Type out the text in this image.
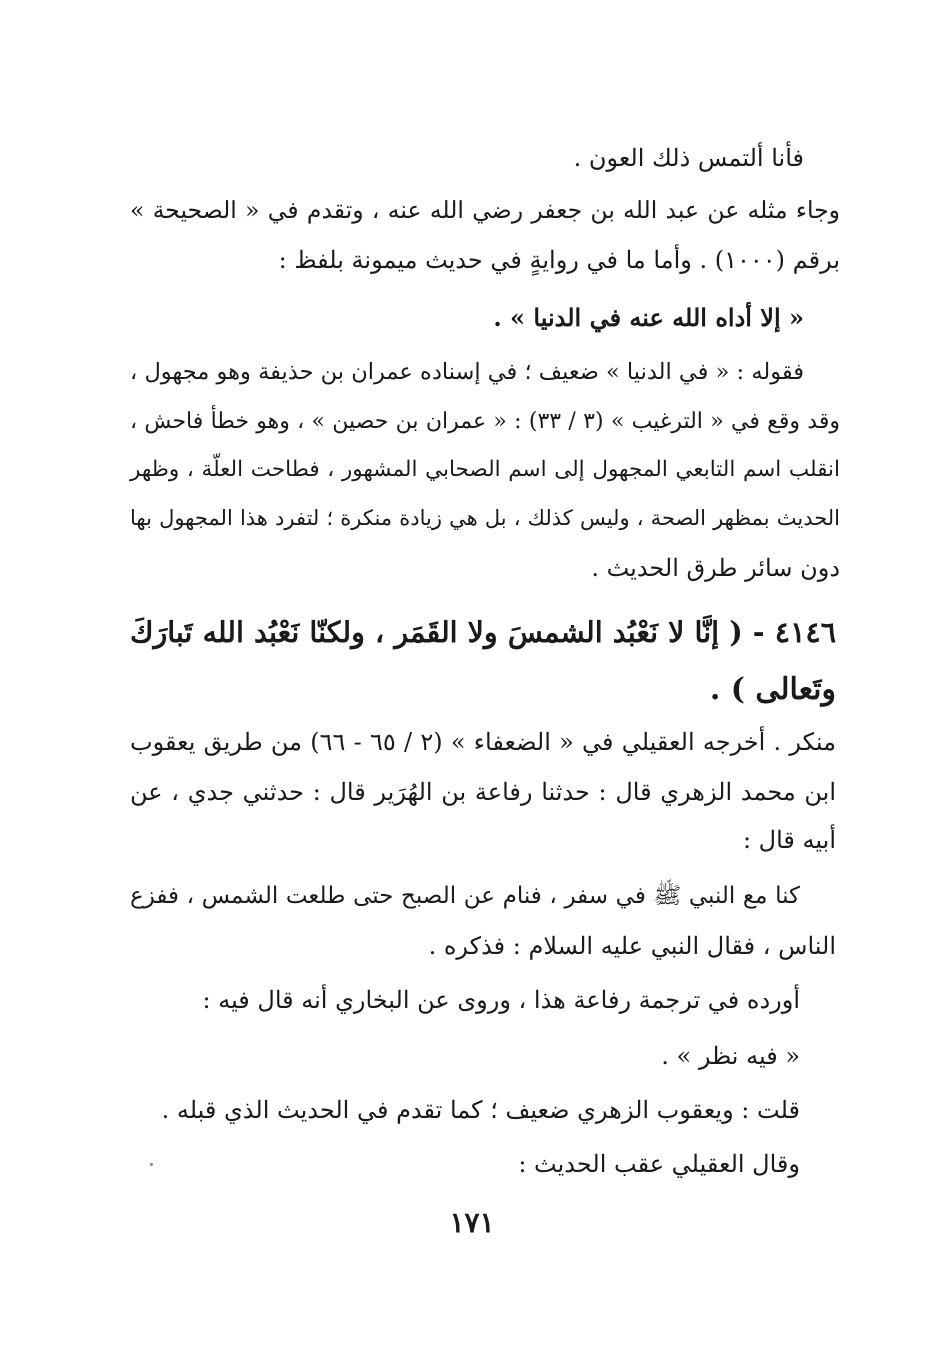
فأنا ألتمس ذلك العون .
وجاء مثله عن عبد الله بن جعفر رضي الله عنه ، وتقدم في « الصحيحة »
برقم (١٠٠٠) . وأما ما في روايةٍ في حديث ميمونة بلفظ :
« إلا أداه الله عنه في الدنيا » .
فقوله : « في الدنيا » ضعيف ؛ في إسناده عمران بن حذيفة وهو مجهول ،
وقد وقع في « الترغيب » (٣ / ٣٣) : « عمران بن حصين » ، وهو خطأ فاحش ،
انقلب اسم التابعي المجهول إلى اسم الصحابي المشهور ، فطاحت العلّة ، وظهر
الحديث بمظهر الصحة ، وليس كذلك ، بل هي زيادة منكرة ؛ لتفرد هذا المجهول بها
دون سائر طرق الحديث .
٤١٤٦ - ( إنَّا لا نَعْبُد الشمسَ ولا القَمَر ، ولكنّا نَعْبُد الله تَبارَكَ
وتَعالى ) .
منكر . أخرجه العقيلي في « الضعفاء » (٢ / ٦٥ - ٦٦) من طريق يعقوب
ابن محمد الزهري قال : حدثنا رفاعة بن الهُرَير قال : حدثني جدي ، عن
أبيه قال :
كنا مع النبي ﷺ في سفر ، فنام عن الصبح حتى طلعت الشمس ، ففزع
الناس ، فقال النبي عليه السلام : فذكره .
أورده في ترجمة رفاعة هذا ، وروى عن البخاري أنه قال فيه :
« فيه نظر » .
قلت : ويعقوب الزهري ضعيف ؛ كما تقدم في الحديث الذي قبله .
وقال العقيلي عقب الحديث :
١٧١
